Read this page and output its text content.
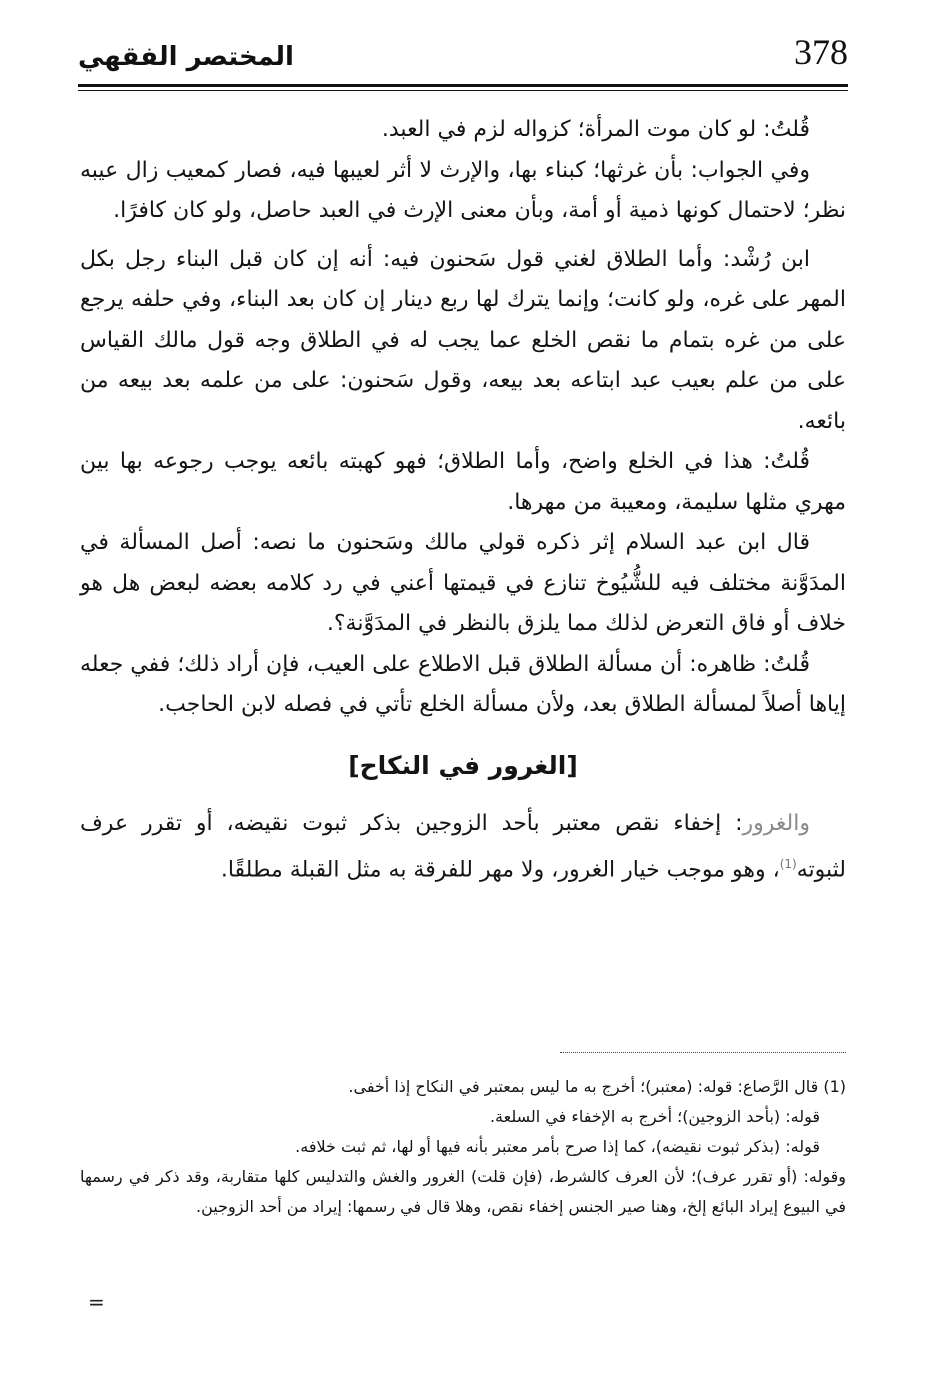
378
المختصر الفقهي

قُلتُ: لو كان موت المرأة؛ كزواله لزم في العبد.

وفي الجواب: بأن غرثها؛ كبناء بها، والإرث لا أثر لعيبها فيه، فصار كمعيب زال عيبه نظر؛ لاحتمال كونها ذمية أو أمة، وبأن معنى الإرث في العبد حاصل، ولو كان كافرًا.

ابن رُشْد: وأما الطلاق لغني قول سَحنون فيه: أنه إن كان قبل البناء رجل بكل المهر على غره، ولو كانت؛ وإنما يترك لها ربع دينار إن كان بعد البناء، وفي حلفه يرجع على من غره بتمام ما نقص الخلع عما يجب له في الطلاق وجه قول مالك القياس على من علم بعيب عبد ابتاعه بعد بيعه، وقول سَحنون: على من علمه بعد بيعه من بائعه.

قُلتُ: هذا في الخلع واضح، وأما الطلاق؛ فهو كهبته بائعه يوجب رجوعه بها بين مهري مثلها سليمة، ومعيبة من مهرها.

قال ابن عبد السلام إثر ذكره قولي مالك وسَحنون ما نصه: أصل المسألة في المدَوَّنة مختلف فيه للشُّيُوخ تنازع في قيمتها أعني في رد كلامه بعضه لبعض هل هو خلاف أو فاق التعرض لذلك مما يلزق بالنظر في المدَوَّنة؟.

قُلتُ: ظاهره: أن مسألة الطلاق قبل الاطلاع على العيب، فإن أراد ذلك؛ ففي جعله إياها أصلاً لمسألة الطلاق بعد، ولأن مسألة الخلع تأتي في فصله لابن الحاجب.

[الغرور في النكاح]

والغرور: إخفاء نقص معتبر بأحد الزوجين بذكر ثبوت نقيضه، أو تقرر عرف لثبوته$^{(1)}$، وهو موجب خيار الغرور، ولا مهر للفرقة به مثل القبلة مطلقًا.

(1) قال الرَّصاع: قوله: (معتبر)؛ أخرج به ما ليس بمعتبر في النكاح إذا أخفى.

قوله: (بأحد الزوجين)؛ أخرج به الإخفاء في السلعة.

قوله: (بذكر ثبوت نقيضه)، كما إذا صرح بأمر معتبر بأنه فيها أو لها، ثم ثبت خلافه.

وقوله: (أو تقرر عرف)؛ لأن العرف كالشرط، (فإن قلت) الغرور والغش والتدليس كلها متقاربة، وقد ذكر في رسمها في البيوع إيراد البائع إلخ، وهنا صير الجنس إخفاء نقص، وهلا قال في رسمها: إيراد من أحد الزوجين.

=
